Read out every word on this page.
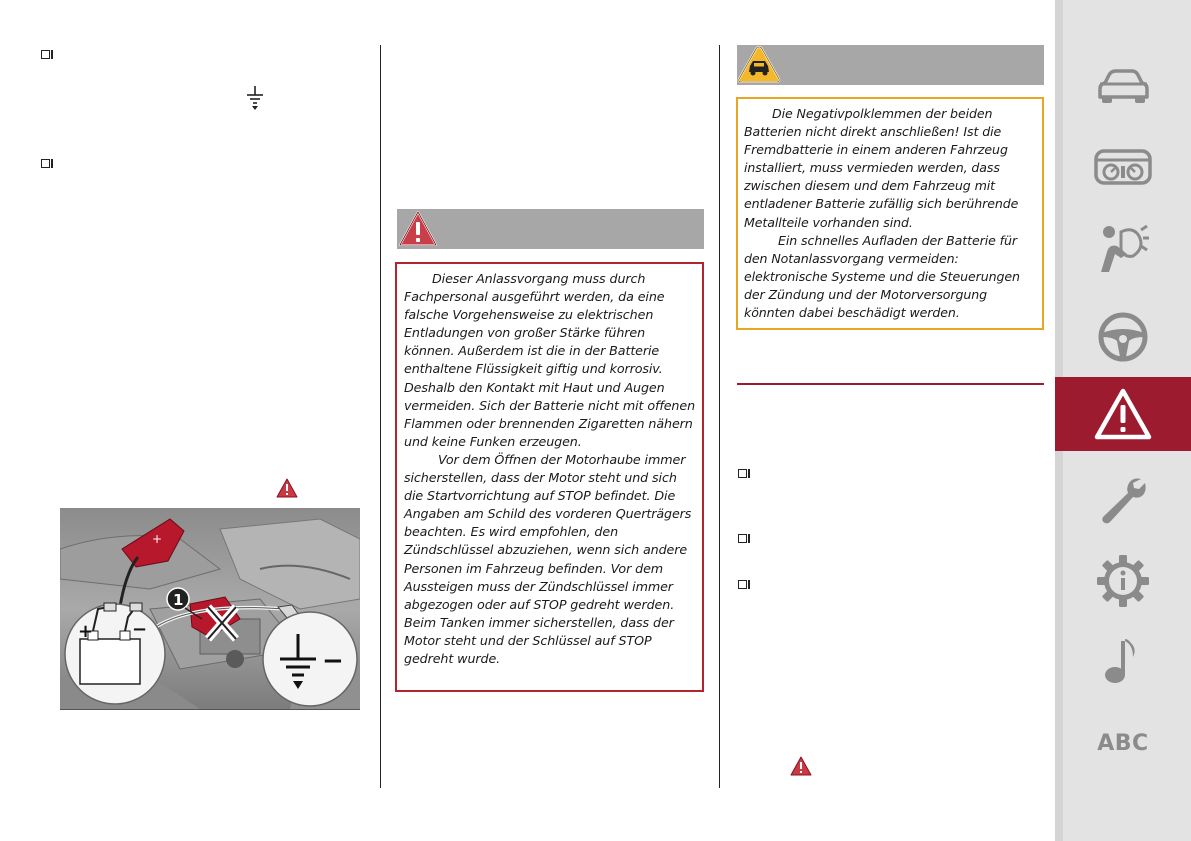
+
1
+ −
−

Dieser Anlassvorgang muss durch Fachpersonal ausgeführt werden, da eine falsche Vorgehensweise zu elektrischen Entladungen von großer Stärke führen können. Außerdem ist die in der Batterie enthaltene Flüssigkeit giftig und korrosiv. Deshalb den Kontakt mit Haut und Augen vermeiden. Sich der Batterie nicht mit offenen Flammen oder brennenden Zigaretten nähern und keine Funken erzeugen.

Vor dem Öffnen der Motorhaube immer sicherstellen, dass der Motor steht und sich die Startvorrichtung auf STOP befindet. Die Angaben am Schild des vorderen Querträgers beachten. Es wird empfohlen, den Zündschlüssel abzuziehen, wenn sich andere Personen im Fahrzeug befinden. Vor dem Aussteigen muss der Zündschlüssel immer abgezogen oder auf STOP gedreht werden. Beim Tanken immer sicherstellen, dass der Motor steht und der Schlüssel auf STOP gedreht wurde.

Die Negativpolklemmen der beiden Batterien nicht direkt anschließen! Ist die Fremdbatterie in einem anderen Fahrzeug installiert, muss vermieden werden, dass zwischen diesem und dem Fahrzeug mit entladener Batterie zufällig sich berührende Metallteile vorhanden sind.

Ein schnelles Aufladen der Batterie für den Notanlassvorgang vermeiden: elektronische Systeme und die Steuerungen der Zündung und der Motorversorgung könnten dabei beschädigt werden.

ABC
